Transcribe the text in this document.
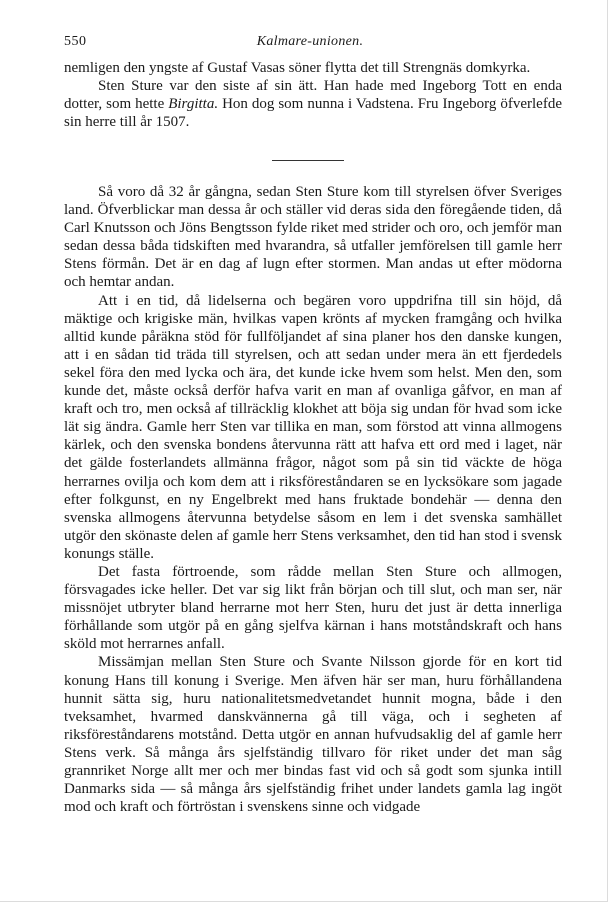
550	Kalmare-unionen.

nemligen den yngste af Gustaf Vasas söner flytta det till Strengnäs domkyrka.

Sten Sture var den siste af sin ätt. Han hade med Ingeborg Tott en enda dotter, som hette Birgitta. Hon dog som nunna i Vadstena. Fru Ingeborg öfverlefde sin herre till år 1507.

Så voro då 32 år gångna, sedan Sten Sture kom till styrelsen öfver Sveriges land. Öfverblickar man dessa år och ställer vid deras sida den föregående tiden, då Carl Knutsson och Jöns Bengtsson fylde riket med strider och oro, och jemför man sedan dessa båda tidskiften med hvarandra, så utfaller jemförelsen till gamle herr Stens förmån. Det är en dag af lugn efter stormen. Man andas ut efter mödorna och hemtar andan.

Att i en tid, då lidelserna och begären voro uppdrifna till sin höjd, då mäktige och krigiske män, hvilkas vapen krönts af mycken framgång och hvilka alltid kunde påräkna stöd för fullföljandet af sina planer hos den danske kungen, att i en sådan tid träda till styrelsen, och att sedan under mera än ett fjerdedels sekel föra den med lycka och ära, det kunde icke hvem som helst. Men den, som kunde det, måste också derför hafva varit en man af ovanliga gåfvor, en man af kraft och tro, men också af tillräcklig klokhet att böja sig undan för hvad som icke lät sig ändra. Gamle herr Sten var tillika en man, som förstod att vinna allmogens kärlek, och den svenska bondens återvunna rätt att hafva ett ord med i laget, när det gälde fosterlandets allmänna frågor, något som på sin tid väckte de höga herrarnes ovilja och kom dem att i riksföreståndaren se en lycksökare som jagade efter folkgunst, en ny Engelbrekt med hans fruktade bondehär — denna den svenska allmogens återvunna betydelse såsom en lem i det svenska samhället utgör den skönaste delen af gamle herr Stens verksamhet, den tid han stod i svensk konungs ställe.

Det fasta förtroende, som rådde mellan Sten Sture och allmogen, försvagades icke heller. Det var sig likt från början och till slut, och man ser, när missnöjet utbryter bland herrarne mot herr Sten, huru det just är detta innerliga förhållande som utgör på en gång sjelfva kärnan i hans motståndskraft och hans sköld mot herrarnes anfall.

Missämjan mellan Sten Sture och Svante Nilsson gjorde för en kort tid konung Hans till konung i Sverige. Men äfven här ser man, huru förhållandena hunnit sätta sig, huru nationalitetsmedvetandet hunnit mogna, både i den tveksamhet, hvarmed danskvännerna gå till väga, och i segheten af riksföreståndarens motstånd. Detta utgör en annan hufvudsaklig del af gamle herr Stens verk. Så många års sjelfständig tillvaro för riket under det man såg grannriket Norge allt mer och mer bindas fast vid och så godt som sjunka intill Danmarks sida — så många års sjelfständig frihet under landets gamla lag ingöt mod och kraft och förtröstan i svenskens sinne och vidgade
